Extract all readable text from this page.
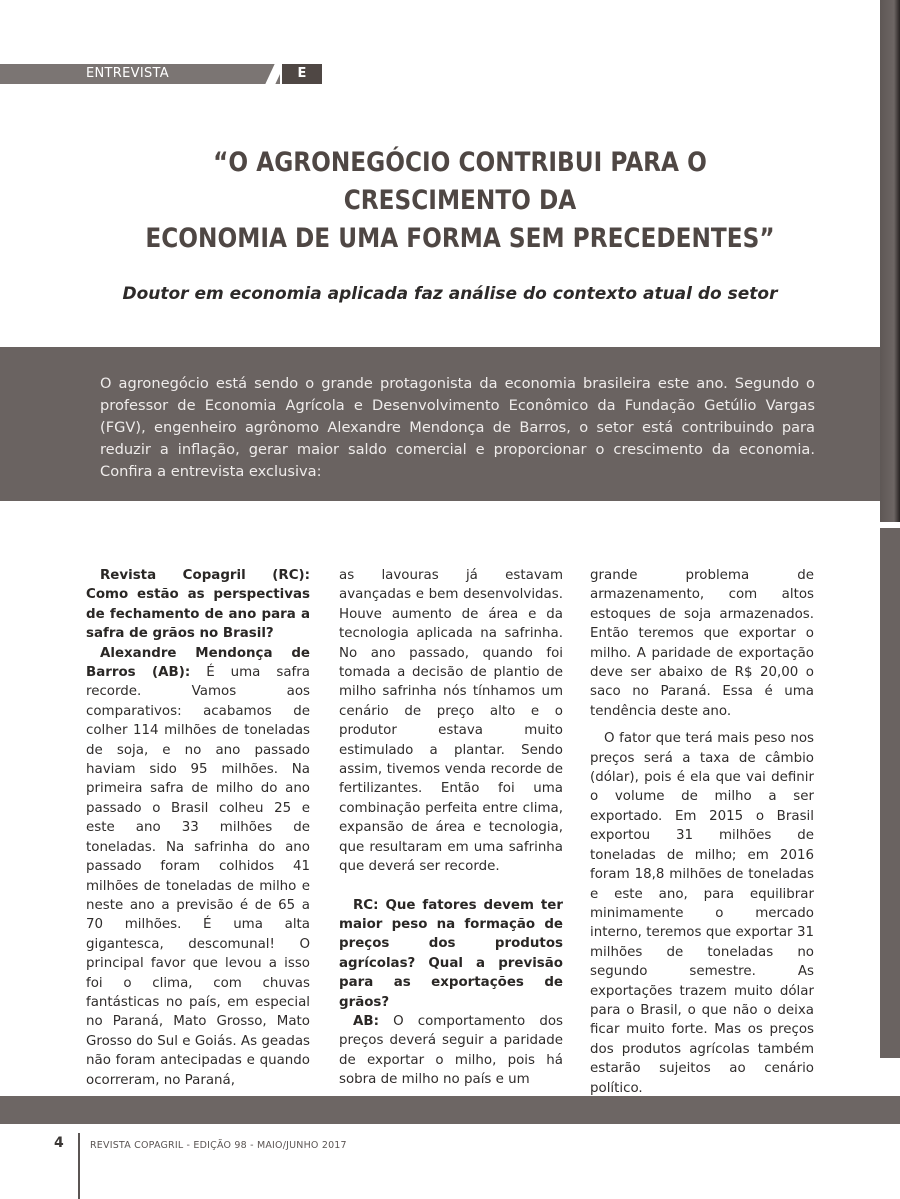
ENTREVISTA	E
“O AGRONEGÓCIO CONTRIBUI PARA O CRESCIMENTO DA
ECONOMIA DE UMA FORMA SEM PRECEDENTES”
Doutor em economia aplicada faz análise do contexto atual do setor
O agronegócio está sendo o grande protagonista da economia brasileira este ano. Segundo o professor de Economia Agrícola e Desenvolvimento Econômico da Fundação Getúlio Vargas (FGV), engenheiro agrônomo Alexandre Mendonça de Barros, o setor está contribuindo para reduzir a inflação, gerar maior saldo comercial e proporcionar o crescimento da economia. Confira a entrevista exclusiva:

Revista Copagril (RC): Como estão as perspectivas de fechamento de ano para a safra de grãos no Brasil?

Alexandre Mendonça de Barros (AB): É uma safra recorde. Vamos aos comparativos: acabamos de colher 114 milhões de toneladas de soja, e no ano passado haviam sido 95 milhões. Na primeira safra de milho do ano passado o Brasil colheu 25 e este ano 33 milhões de toneladas. Na safrinha do ano passado foram colhidos 41 milhões de toneladas de milho e neste ano a previsão é de 65 a 70 milhões. É uma alta gigantesca, descomunal! O principal favor que levou a isso foi o clima, com chuvas fantásticas no país, em especial no Paraná, Mato Grosso, Mato Grosso do Sul e Goiás. As geadas não foram antecipadas e quando ocorreram, no Paraná,

as lavouras já estavam avançadas e bem desenvolvidas. Houve aumento de área e da tecnologia aplicada na safrinha. No ano passado, quando foi tomada a decisão de plantio de milho safrinha nós tínhamos um cenário de preço alto e o produtor estava muito estimulado a plantar. Sendo assim, tivemos venda recorde de fertilizantes. Então foi uma combinação perfeita entre clima, expansão de área e tecnologia, que resultaram em uma safrinha que deverá ser recorde.

RC: Que fatores devem ter maior peso na formação de preços dos produtos agrícolas? Qual a previsão para as exportações de grãos?

AB: O comportamento dos preços deverá seguir a paridade de exportar o milho, pois há sobra de milho no país e um

grande problema de armazenamento, com altos estoques de soja armazenados. Então teremos que exportar o milho. A paridade de exportação deve ser abaixo de R$ 20,00 o saco no Paraná. Essa é uma tendência deste ano.

O fator que terá mais peso nos preços será a taxa de câmbio (dólar), pois é ela que vai definir o volume de milho a ser exportado. Em 2015 o Brasil exportou 31 milhões de toneladas de milho; em 2016 foram 18,8 milhões de toneladas e este ano, para equilibrar minimamente o mercado interno, teremos que exportar 31 milhões de toneladas no segundo semestre. As exportações trazem muito dólar para o Brasil, o que não o deixa ficar muito forte. Mas os preços dos produtos agrícolas também estarão sujeitos ao cenário político.

4	REVISTA COPAGRIL - EDIÇÃO 98 - MAIO/JUNHO 2017
